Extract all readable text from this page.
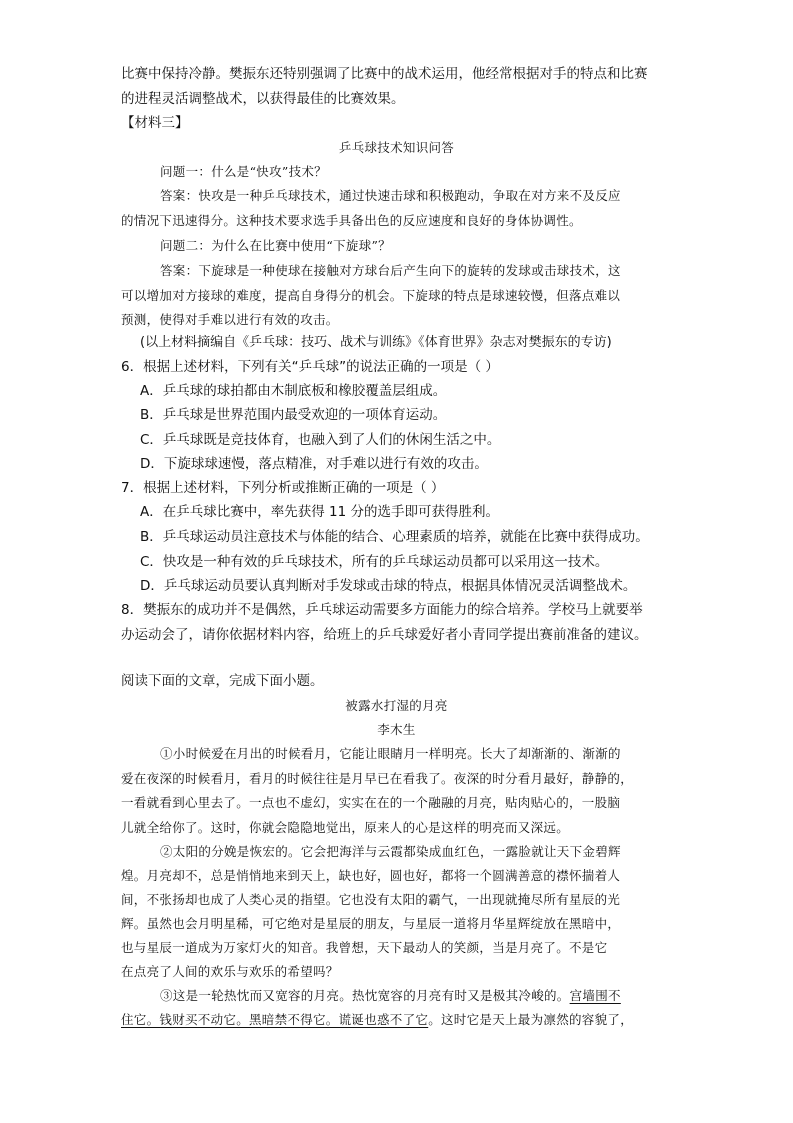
比赛中保持冷静。樊振东还特别强调了比赛中的战术运用，他经常根据对手的特点和比赛
的进程灵活调整战术，以获得最佳的比赛效果。
【材料三】
乒乓球技术知识问答
问题一：什么是“快攻”技术？
答案：快攻是一种乒乓球技术，通过快速击球和积极跑动，争取在对方来不及反应
的情况下迅速得分。这种技术要求选手具备出色的反应速度和良好的身体协调性。
问题二：为什么在比赛中使用“下旋球”？
答案：下旋球是一种使球在接触对方球台后产生向下的旋转的发球或击球技术，这
可以增加对方接球的难度，提高自身得分的机会。下旋球的特点是球速较慢，但落点难以
预测，使得对手难以进行有效的攻击。
(以上材料摘编自《乒乓球：技巧、战术与训练》《体育世界》杂志对樊振东的专访)
6．根据上述材料，下列有关“乒乓球”的说法正确的一项是（ ）
A．乒乓球的球拍都由木制底板和橡胶覆盖层组成。
B．乒乓球是世界范围内最受欢迎的一项体育运动。
C．乒乓球既是竞技体育，也融入到了人们的休闲生活之中。
D．下旋球球速慢，落点精准，对手难以进行有效的攻击。
7．根据上述材料，下列分析或推断正确的一项是（ ）
A．在乒乓球比赛中，率先获得 11 分的选手即可获得胜利。
B．乒乓球运动员注意技术与体能的结合、心理素质的培养，就能在比赛中获得成功。
C．快攻是一种有效的乒乓球技术，所有的乒乓球运动员都可以采用这一技术。
D．乒乓球运动员要认真判断对手发球或击球的特点，根据具体情况灵活调整战术。
8．樊振东的成功并不是偶然，乒乓球运动需要多方面能力的综合培养。学校马上就要举
办运动会了，请你依据材料内容，给班上的乒乓球爱好者小青同学提出赛前准备的建议。
阅读下面的文章，完成下面小题。
被露水打湿的月亮
李木生
①小时候爱在月出的时候看月，它能让眼睛月一样明亮。长大了却渐渐的、渐渐的
爱在夜深的时候看月，看月的时候往往是月早已在看我了。夜深的时分看月最好，静静的，
一看就看到心里去了。一点也不虚幻，实实在在的一个融融的月亮，贴肉贴心的，一股脑
儿就全给你了。这时，你就会隐隐地觉出，原来人的心是这样的明亮而又深远。
②太阳的分娩是恢宏的。它会把海洋与云霞都染成血红色，一露脸就让天下金碧辉
煌。月亮却不，总是悄悄地来到天上，缺也好，圆也好，都将一个圆满善意的襟怀揣着人
间，不张扬却也成了人类心灵的指望。它也没有太阳的霸气，一出现就掩尽所有星辰的光
辉。虽然也会月明星稀，可它绝对是星辰的朋友，与星辰一道将月华星辉绽放在黑暗中，
也与星辰一道成为万家灯火的知音。我曾想，天下最动人的笑颜，当是月亮了。不是它
在点亮了人间的欢乐与欢乐的希望吗？
③这是一轮热忱而又宽容的月亮。热忱宽容的月亮有时又是极其冷峻的。宫墙围不
住它。钱财买不动它。黑暗禁不得它。谎诞也惑不了它。这时它是天上最为凛然的容貌了，
